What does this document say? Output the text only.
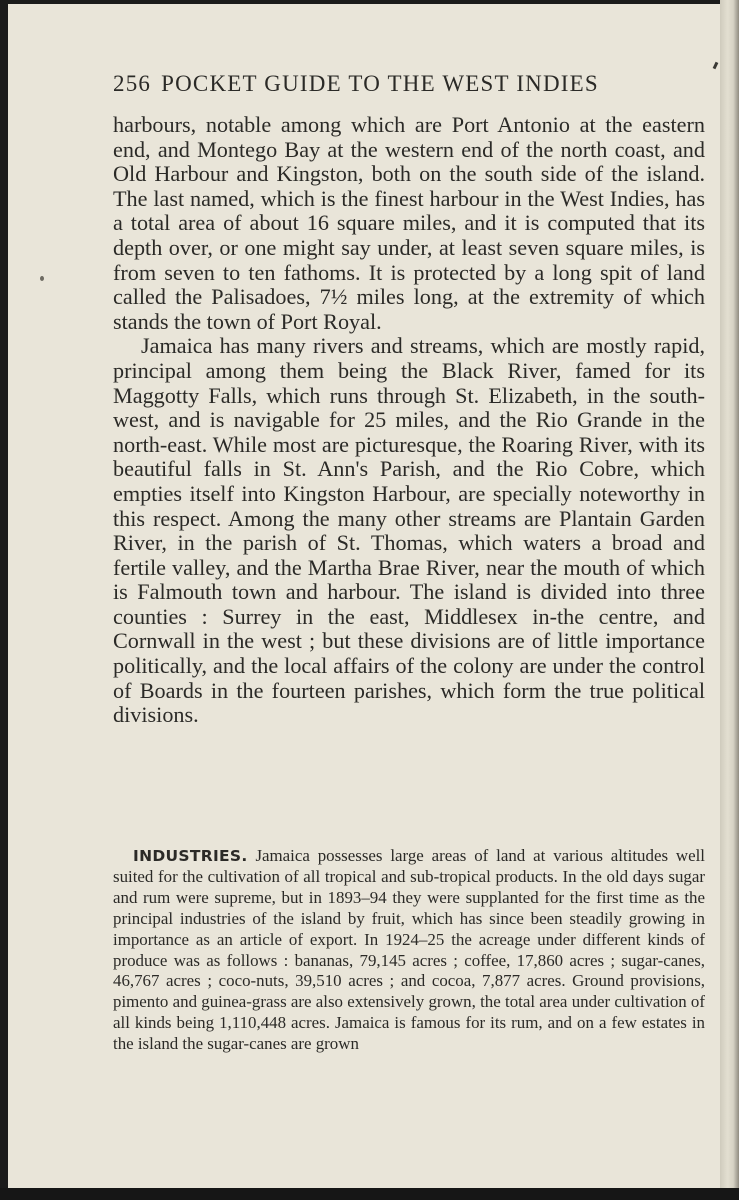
256 POCKET GUIDE TO THE WEST INDIES

harbours, notable among which are Port Antonio at the eastern end, and Montego Bay at the western end of the north coast, and Old Harbour and Kingston, both on the south side of the island. The last named, which is the finest harbour in the West Indies, has a total area of about 16 square miles, and it is computed that its depth over, or one might say under, at least seven square miles, is from seven to ten fathoms. It is protected by a long spit of land called the Palisadoes, 7½ miles long, at the extremity of which stands the town of Port Royal.

Jamaica has many rivers and streams, which are mostly rapid, principal among them being the Black River, famed for its Maggotty Falls, which runs through St. Elizabeth, in the south-west, and is navigable for 25 miles, and the Rio Grande in the north-east. While most are picturesque, the Roaring River, with its beautiful falls in St. Ann's Parish, and the Rio Cobre, which empties itself into Kingston Harbour, are specially noteworthy in this respect. Among the many other streams are Plantain Garden River, in the parish of St. Thomas, which waters a broad and fertile valley, and the Martha Brae River, near the mouth of which is Falmouth town and harbour. The island is divided into three counties : Surrey in the east, Middlesex in-the centre, and Cornwall in the west ; but these divisions are of little importance politically, and the local affairs of the colony are under the control of Boards in the fourteen parishes, which form the true political divisions.

INDUSTRIES. Jamaica possesses large areas of land at various altitudes well suited for the cultivation of all tropical and sub-tropical products. In the old days sugar and rum were supreme, but in 1893–94 they were supplanted for the first time as the principal industries of the island by fruit, which has since been steadily growing in importance as an article of export. In 1924–25 the acreage under different kinds of produce was as follows : bananas, 79,145 acres ; coffee, 17,860 acres ; sugar-canes, 46,767 acres ; coco-nuts, 39,510 acres ; and cocoa, 7,877 acres. Ground provisions, pimento and guinea-grass are also extensively grown, the total area under cultivation of all kinds being 1,110,448 acres. Jamaica is famous for its rum, and on a few estates in the island the sugar-canes are grown
